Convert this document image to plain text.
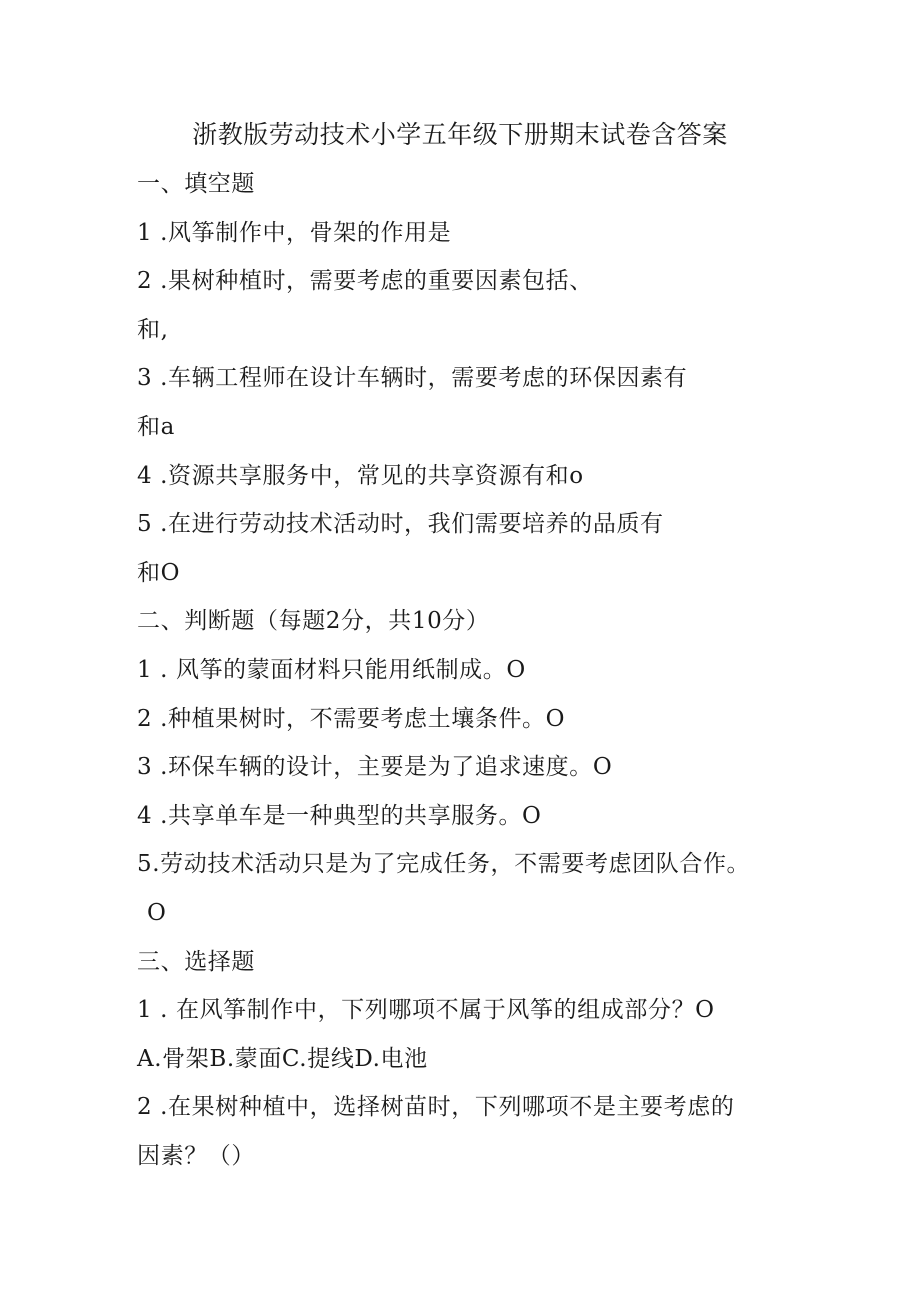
浙教版劳动技术小学五年级下册期末试卷含答案
一、填空题
1 .风筝制作中，骨架的作用是
2 .果树种植时，需要考虑的重要因素包括、
和,
3 .车辆工程师在设计车辆时，需要考虑的环保因素有
和a
4 .资源共享服务中，常见的共享资源有和o
5 .在进行劳动技术活动时，我们需要培养的品质有
和O
二、判断题（每题2分，共10分）
1 . 风筝的蒙面材料只能用纸制成。O
2 .种植果树时，不需要考虑土壤条件。O
3 .环保车辆的设计，主要是为了追求速度。O
4 .共享单车是一种典型的共享服务。O
5.劳动技术活动只是为了完成任务，不需要考虑团队合作。
O
三、选择题
1 . 在风筝制作中，下列哪项不属于风筝的组成部分？O
A.骨架B.蒙面C.提线D.电池
2 .在果树种植中，选择树苗时，下列哪项不是主要考虑的
因素？（）
